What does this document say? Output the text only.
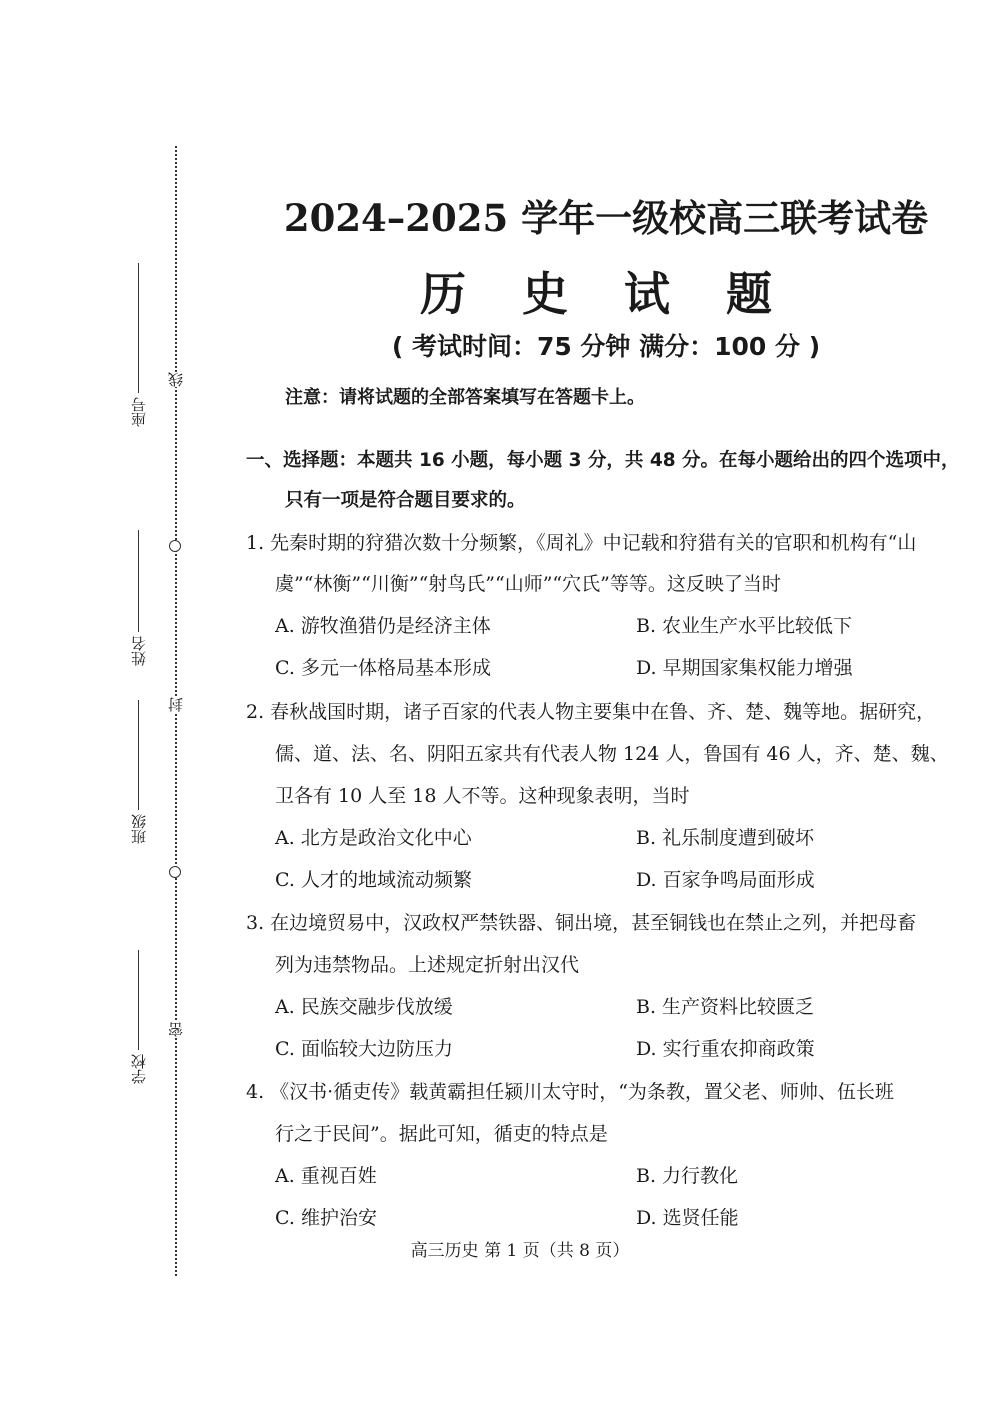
线
封
密
座号
姓名
班级
学校
2024–2025 学年一级校高三联考试卷
历 史 试 题
( 考试时间：75 分钟 满分：100 分 )
注意：请将试题的全部答案填写在答题卡上。
一、选择题：本题共 16 小题，每小题 3 分，共 48 分。在每小题给出的四个选项中，
只有一项是符合题目要求的。
1. 先秦时期的狩猎次数十分频繁，《周礼》中记载和狩猎有关的官职和机构有“山
虞”“林衡”“川衡”“射鸟氏”“山师”“穴氏”等等。这反映了当时
A. 游牧渔猎仍是经济主体	B. 农业生产水平比较低下
C. 多元一体格局基本形成	D. 早期国家集权能力增强
2. 春秋战国时期，诸子百家的代表人物主要集中在鲁、齐、楚、魏等地。据研究，
儒、道、法、名、阴阳五家共有代表人物 124 人，鲁国有 46 人，齐、楚、魏、
卫各有 10 人至 18 人不等。这种现象表明，当时
A. 北方是政治文化中心	B. 礼乐制度遭到破坏
C. 人才的地域流动频繁	D. 百家争鸣局面形成
3. 在边境贸易中，汉政权严禁铁器、铜出境，甚至铜钱也在禁止之列，并把母畜
列为违禁物品。上述规定折射出汉代
A. 民族交融步伐放缓	B. 生产资料比较匮乏
C. 面临较大边防压力	D. 实行重农抑商政策
4. 《汉书·循吏传》载黄霸担任颍川太守时，“为条教，置父老、师帅、伍长班
行之于民间”。据此可知，循吏的特点是
A. 重视百姓	B. 力行教化
C. 维护治安	D. 选贤任能
高三历史 第 1 页（共 8 页）
